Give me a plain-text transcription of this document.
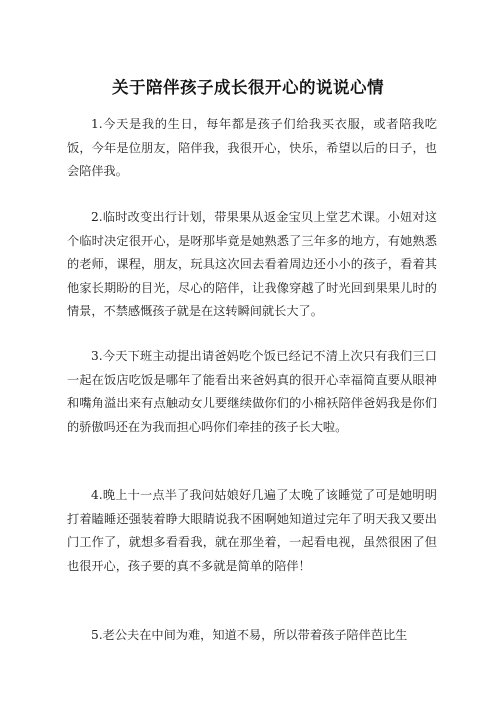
关于陪伴孩子成长很开心的说说心情

1.今天是我的生日，每年都是孩子们给我买衣服，或者陪我吃饭，今年是位朋友，陪伴我，我很开心，快乐，希望以后的日子，也会陪伴我。

2.临时改变出行计划，带果果从返金宝贝上堂艺术课。小妞对这个临时决定很开心，是呀那毕竟是她熟悉了三年多的地方，有她熟悉的老师，课程，朋友，玩具这次回去看着周边还小小的孩子，看着其他家长期盼的目光，尽心的陪伴，让我像穿越了时光回到果果儿时的情景，不禁感慨孩子就是在这转瞬间就长大了。

3.今天下班主动提出请爸妈吃个饭已经记不清上次只有我们三口一起在饭店吃饭是哪年了能看出来爸妈真的很开心幸福简直要从眼神和嘴角溢出来有点触动女儿要继续做你们的小棉袄陪伴爸妈我是你们的骄傲吗还在为我而担心吗你们牵挂的孩子长大啦。

4.晚上十一点半了我问姑娘好几遍了太晚了该睡觉了可是她明明打着瞌睡还强装着睁大眼睛说我不困啊她知道过完年了明天我又要出门工作了，就想多看看我，就在那坐着，一起看电视，虽然很困了但也很开心，孩子要的真不多就是简单的陪伴！

5.老公夫在中间为难，知道不易，所以带着孩子陪伴芭比生
